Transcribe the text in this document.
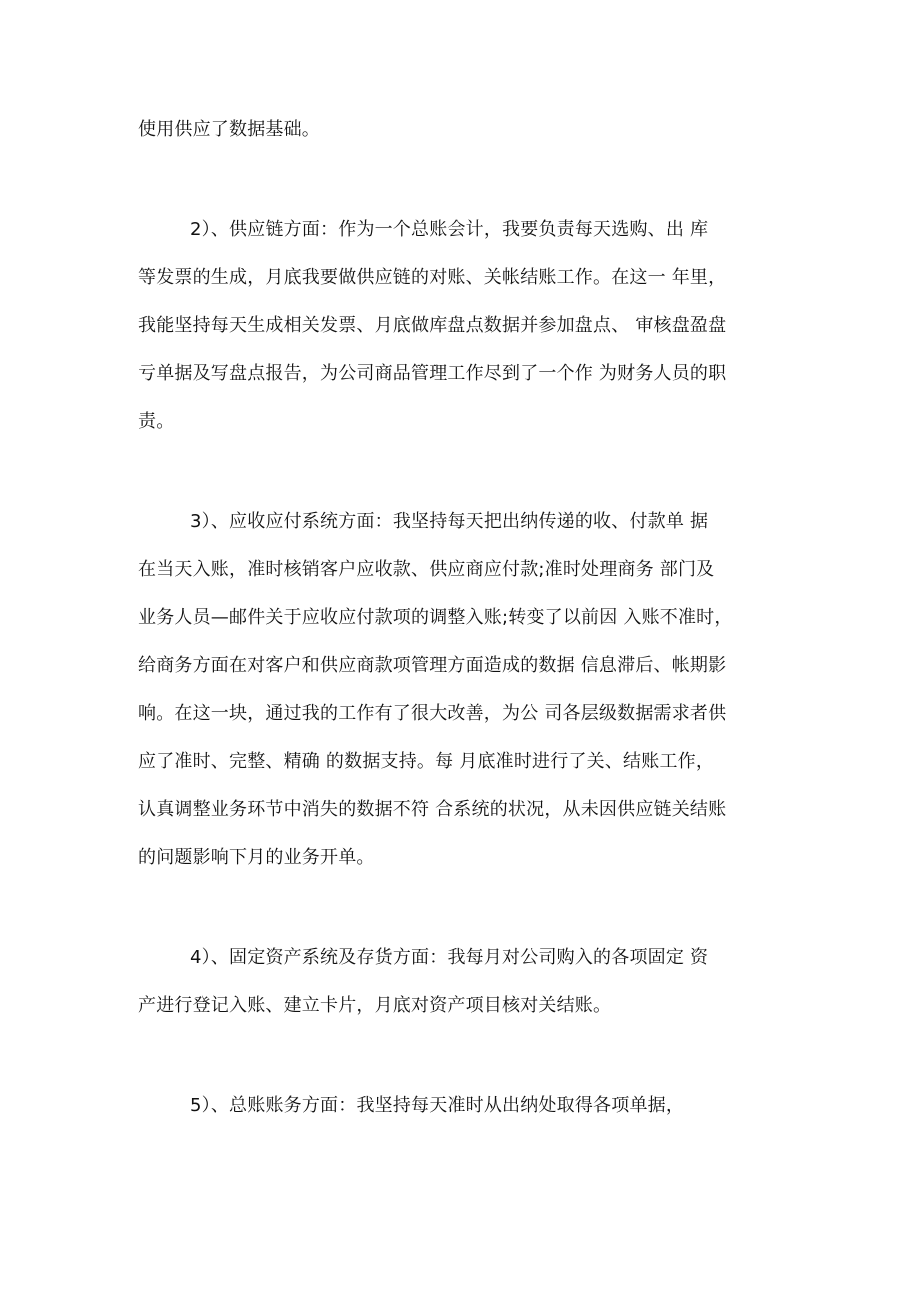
使用供应了数据基础。
2）、供应链方面：作为一个总账会计，我要负责每天选购、出 库
等发票的生成，月底我要做供应链的对账、关帐结账工作。在这一 年里，
我能坚持每天生成相关发票、月底做库盘点数据并参加盘点、 审核盘盈盘
亏单据及写盘点报告，为公司商品管理工作尽到了一个作 为财务人员的职
责。
3）、应收应付系统方面：我坚持每天把出纳传递的收、付款单 据
在当天入账，准时核销客户应收款、供应商应付款;准时处理商务 部门及
业务人员—邮件关于应收应付款项的调整入账;转变了以前因 入账不准时，
给商务方面在对客户和供应商款项管理方面造成的数据 信息滞后、帐期影
响。在这一块，通过我的工作有了很大改善，为公 司各层级数据需求者供
应了准时、完整、精确 的数据支持。每 月底准时进行了关、结账工作，
认真调整业务环节中消失的数据不符 合系统的状况，从未因供应链关结账
的问题影响下月的业务开单。
4）、固定资产系统及存货方面：我每月对公司购入的各项固定 资
产进行登记入账、建立卡片，月底对资产项目核对关结账。
5）、总账账务方面：我坚持每天准时从出纳处取得各项单据，
